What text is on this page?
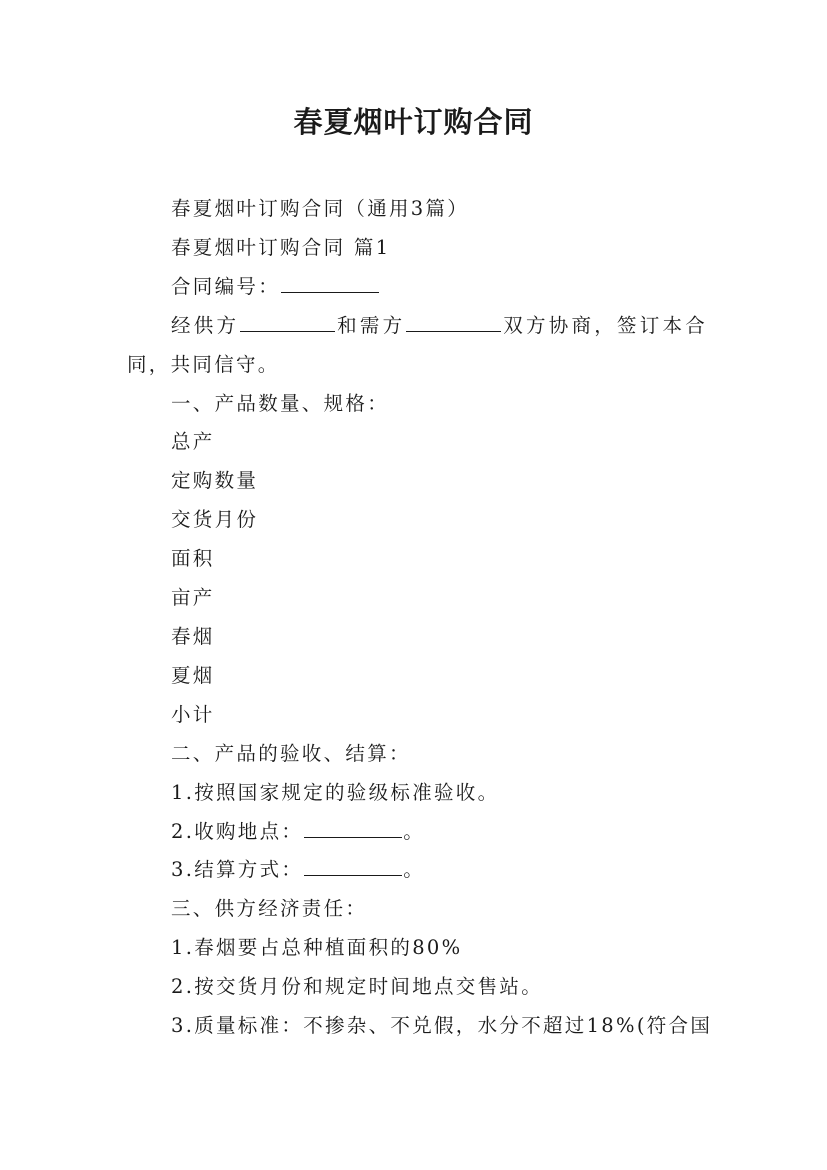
春夏烟叶订购合同

春夏烟叶订购合同（通用3篇）

春夏烟叶订购合同 篇1

合同编号：

经供方	和需方	双方协商，签订本合同，共同信守。

一、产品数量、规格：

总产

定购数量

交货月份

面积

亩产

春烟

夏烟

小计

二、产品的验收、结算：

1.按照国家规定的验级标准验收。

2.收购地点：	。

3.结算方式：	。

三、供方经济责任：

1.春烟要占总种植面积的80%

2.按交货月份和规定时间地点交售站。

3.质量标准：不掺杂、不兑假，水分不超过18%(符合国
